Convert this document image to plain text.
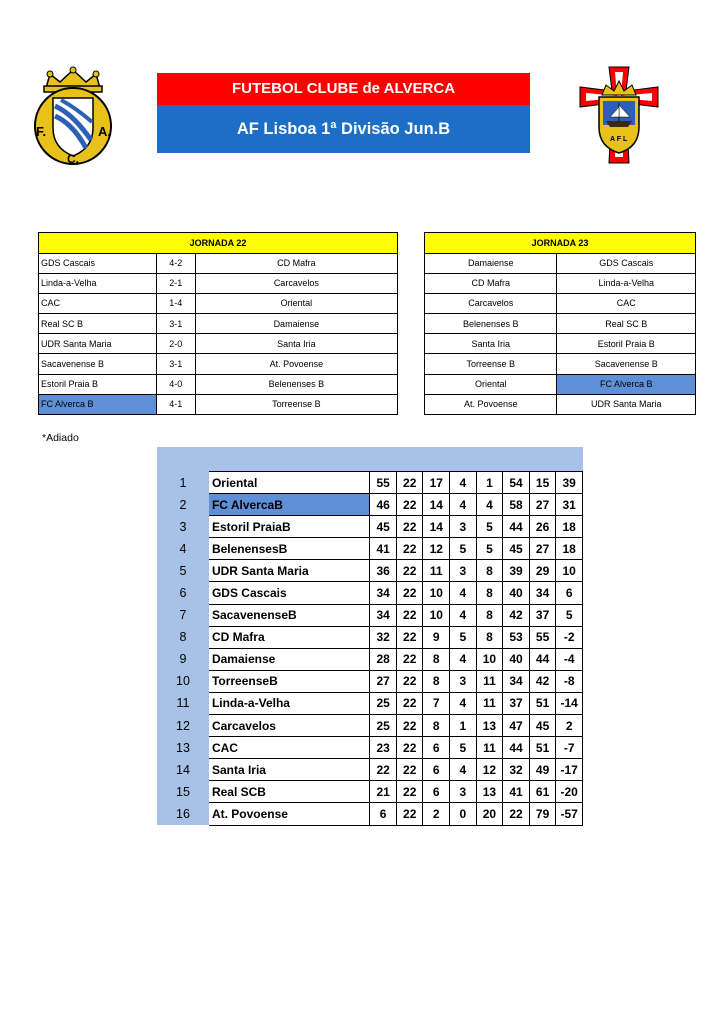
F.	A.
C.
FUTEBOL CLUBE de ALVERCA
AF Lisboa 1ª Divisão Jun.B
A F L
JORNADA 22		
GDS Cascais	4-2	CD Mafra
Linda-a-Velha	2-1	Carcavelos
CAC	1-4	Oriental
Real SC B	3-1	Damaiense
UDR Santa Maria	2-0	Santa Iria
Sacavenense B	3-1	At. Povoense
Estoril Praia B	4-0	Belenenses B
FC Alverca B	4-1	Torreense B
JORNADA 23	
Damaiense	GDS Cascais
CD Mafra	Linda-a-Velha
Carcavelos	CAC
Belenenses B	Real SC B
Santa Iria	Estoril Praia B
Torreense B	Sacavenense B
Oriental	FC Alverca B
At. Povoense	UDR Santa Maria
*Adiado
1	Oriental	55	22	17	4	1	54	15	39
2	FC AlvercaB	46	22	14	4	4	58	27	31
3	Estoril PraiaB	45	22	14	3	5	44	26	18
4	BelenensesB	41	22	12	5	5	45	27	18
5	UDR Santa Maria	36	22	11	3	8	39	29	10
6	GDS Cascais	34	22	10	4	8	40	34	6
7	SacavenenseB	34	22	10	4	8	42	37	5
8	CD Mafra	32	22	9	5	8	53	55	-2
9	Damaiense	28	22	8	4	10	40	44	-4
10	TorreenseB	27	22	8	3	11	34	42	-8
11	Linda-a-Velha	25	22	7	4	11	37	51	-14
12	Carcavelos	25	22	8	1	13	47	45	2
13	CAC	23	22	6	5	11	44	51	-7
14	Santa Iria	22	22	6	4	12	32	49	-17
15	Real SCB	21	22	6	3	13	41	61	-20
16	At. Povoense	6	22	2	0	20	22	79	-57
